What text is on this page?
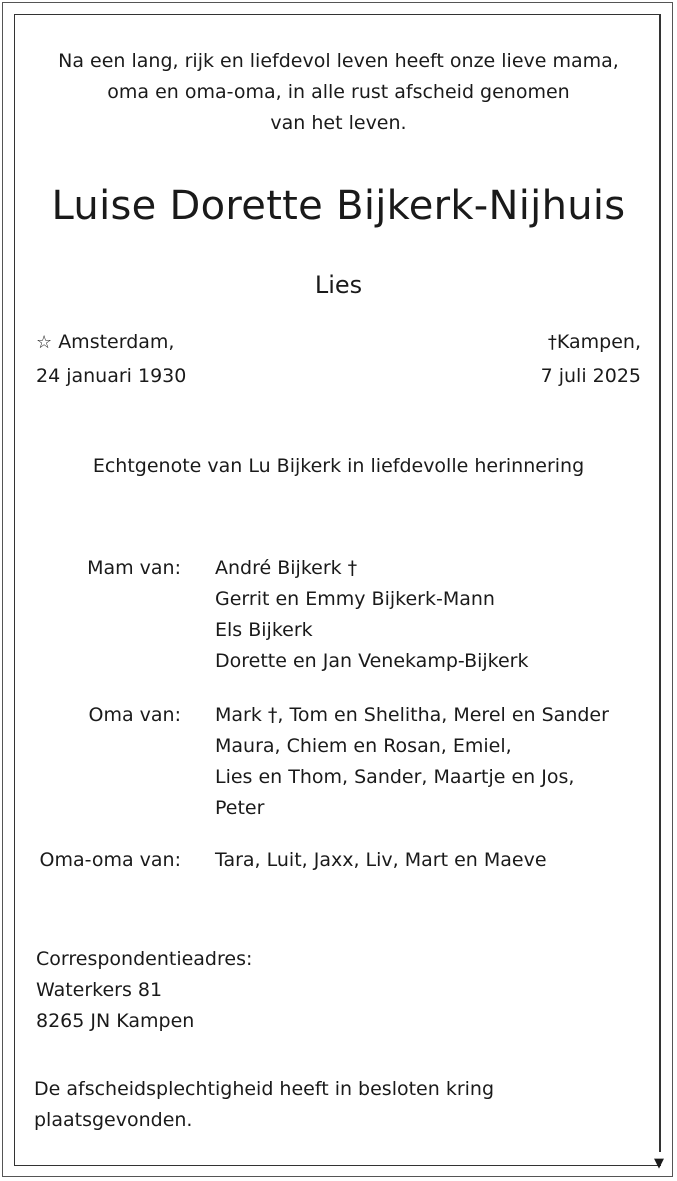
▼
Na een lang, rijk en liefdevol leven heeft onze lieve mama,
oma en oma-oma, in alle rust afscheid genomen
van het leven.
Luise Dorette Bijkerk-Nijhuis
Lies
☆ Amsterdam,
24 januari 1930
†Kampen,
7 juli 2025
Echtgenote van Lu Bijkerk in liefdevolle herinnering
Mam van: André Bijkerk †
Gerrit en Emmy Bijkerk-Mann
Els Bijkerk
Dorette en Jan Venekamp-Bijkerk
Oma van: Mark †, Tom en Shelitha, Merel en Sander
Maura, Chiem en Rosan, Emiel,
Lies en Thom, Sander, Maartje en Jos,
Peter
Oma-oma van: Tara, Luit, Jaxx, Liv, Mart en Maeve
Correspondentieadres:
Waterkers 81
8265 JN Kampen
De afscheidsplechtigheid heeft in besloten kring
plaatsgevonden.
